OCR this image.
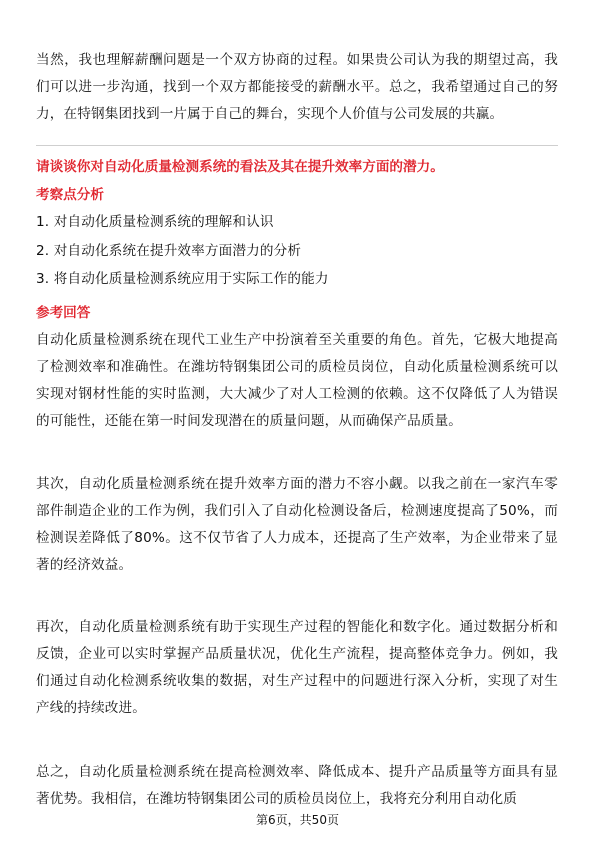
当然，我也理解薪酬问题是一个双方协商的过程。如果贵公司认为我的期望过高，我们可以进一步沟通，找到一个双方都能接受的薪酬水平。总之，我希望通过自己的努力，在特钢集团找到一片属于自己的舞台，实现个人价值与公司发展的共赢。
请谈谈你对自动化质量检测系统的看法及其在提升效率方面的潜力。
考察点分析
1. 对自动化质量检测系统的理解和认识
2. 对自动化系统在提升效率方面潜力的分析
3. 将自动化质量检测系统应用于实际工作的能力
参考回答
自动化质量检测系统在现代工业生产中扮演着至关重要的角色。首先，它极大地提高了检测效率和准确性。在潍坊特钢集团公司的质检员岗位，自动化质量检测系统可以实现对钢材性能的实时监测，大大减少了对人工检测的依赖。这不仅降低了人为错误的可能性，还能在第一时间发现潜在的质量问题，从而确保产品质量。
其次，自动化质量检测系统在提升效率方面的潜力不容小觑。以我之前在一家汽车零部件制造企业的工作为例，我们引入了自动化检测设备后，检测速度提高了50%，而检测误差降低了80%。这不仅节省了人力成本，还提高了生产效率，为企业带来了显著的经济效益。
再次，自动化质量检测系统有助于实现生产过程的智能化和数字化。通过数据分析和反馈，企业可以实时掌握产品质量状况，优化生产流程，提高整体竞争力。例如，我们通过自动化检测系统收集的数据，对生产过程中的问题进行深入分析，实现了对生产线的持续改进。
总之，自动化质量检测系统在提高检测效率、降低成本、提升产品质量等方面具有显著优势。我相信，在潍坊特钢集团公司的质检员岗位上，我将充分利用自动化质
第6页，共50页
